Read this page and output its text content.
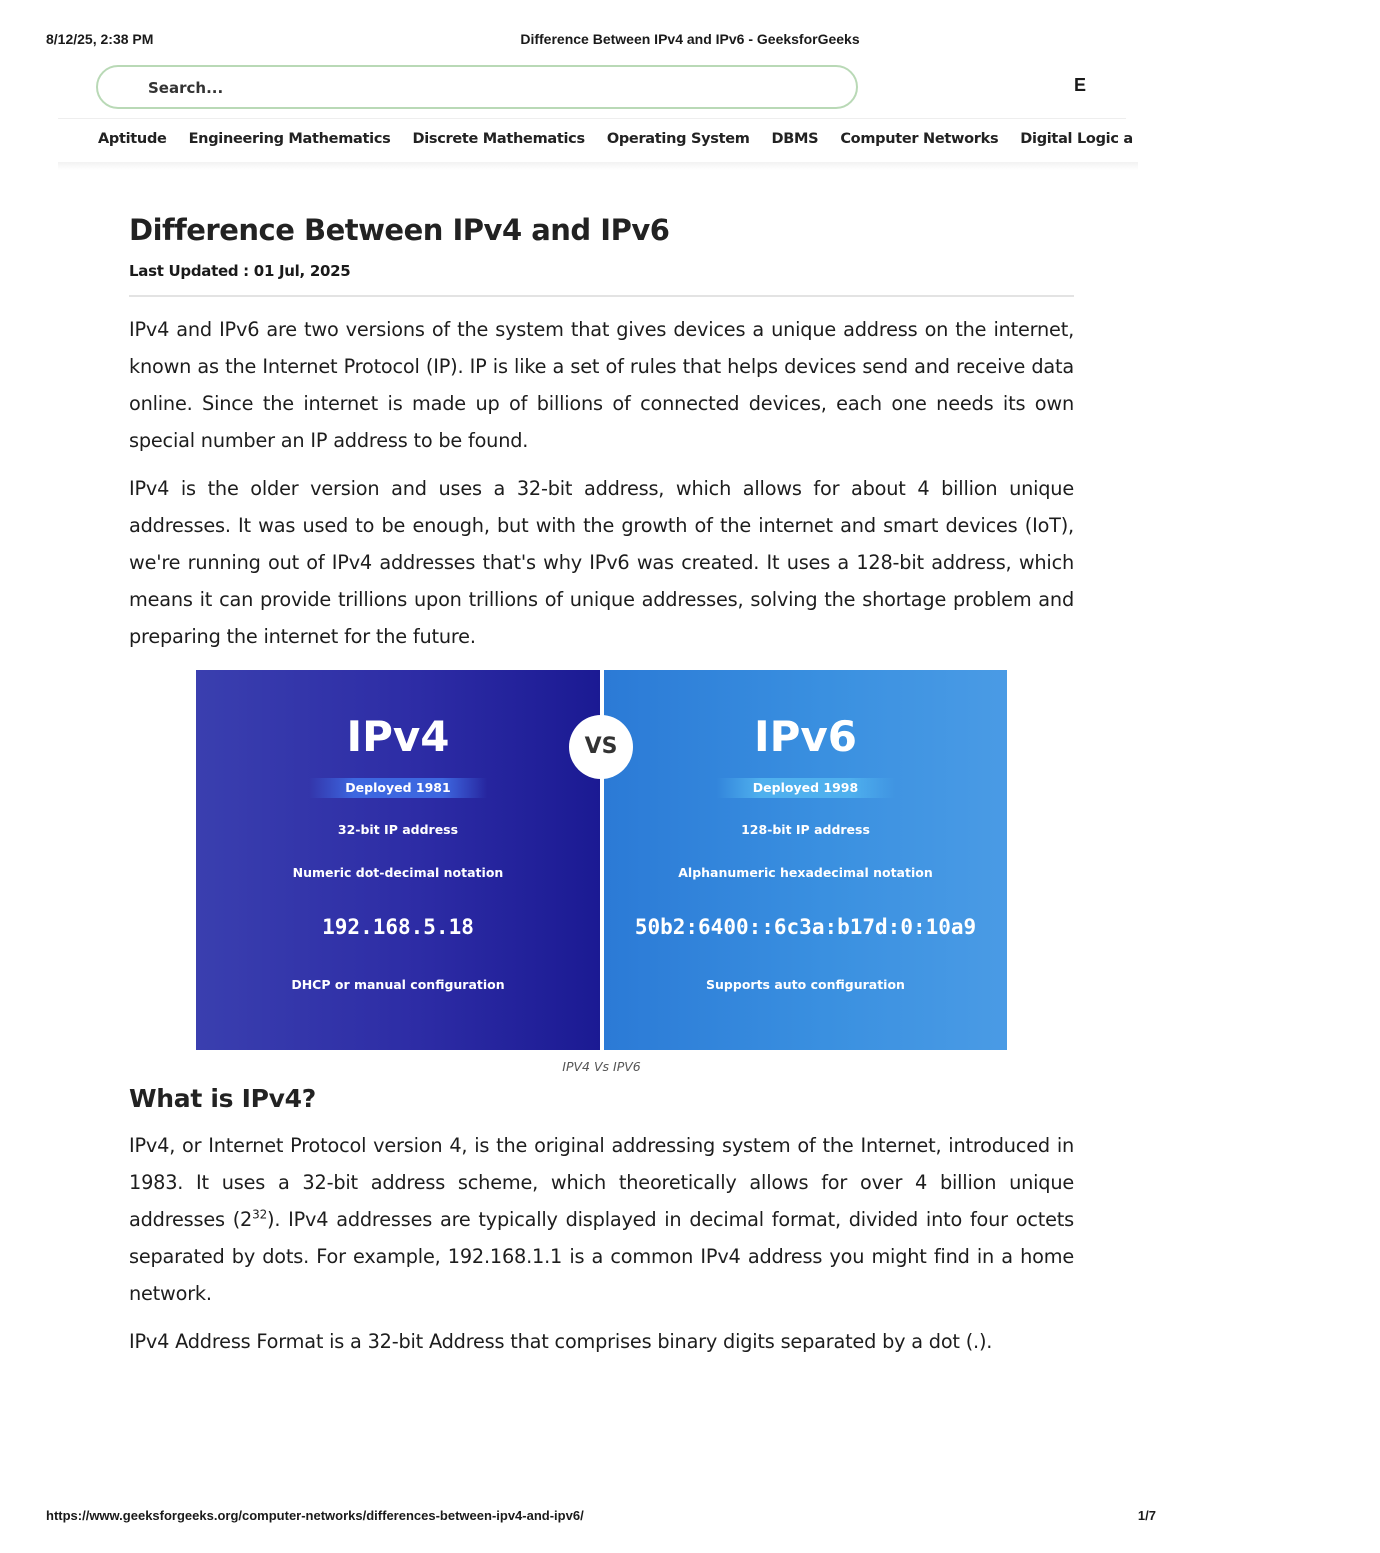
8/12/25, 2:38 PM	Difference Between IPv4 and IPv6 - GeeksforGeeks
Search...
E
Aptitude Engineering Mathematics Discrete Mathematics Operating System DBMS Computer Networks Digital Logic a
Difference Between IPv4 and IPv6
Last Updated : 01 Jul, 2025

IPv4 and IPv6 are two versions of the system that gives devices a unique address on the internet, known as the Internet Protocol (IP). IP is like a set of rules that helps devices send and receive data online. Since the internet is made up of billions of connected devices, each one needs its own special number an IP address to be found.

IPv4 is the older version and uses a 32-bit address, which allows for about 4 billion unique addresses. It was used to be enough, but with the growth of the internet and smart devices (IoT), we're running out of IPv4 addresses that's why IPv6 was created. It uses a 128-bit address, which means it can provide trillions upon trillions of unique addresses, solving the shortage problem and preparing the internet for the future.

IPv4
Deployed 1981
32-bit IP address
Numeric dot-decimal notation
192.168.5.18
DHCP or manual configuration
IPv6
Deployed 1998
128-bit IP address
Alphanumeric hexadecimal notation
50b2:6400::6c3a:b17d:0:10a9
Supports auto configuration
VS
IPV4 Vs IPV6
What is IPv4?

IPv4, or Internet Protocol version 4, is the original addressing system of the Internet, introduced in 1983. It uses a 32-bit address scheme, which theoretically allows for over 4 billion unique addresses $(2^{32})$. IPv4 addresses are typically displayed in decimal format, divided into four octets separated by dots. For example, 192.168.1.1 is a common IPv4 address you might find in a home network.

IPv4 Address Format is a 32-bit Address that comprises binary digits separated by a dot (.).

https://www.geeksforgeeks.org/computer-networks/differences-between-ipv4-and-ipv6/	1/7
